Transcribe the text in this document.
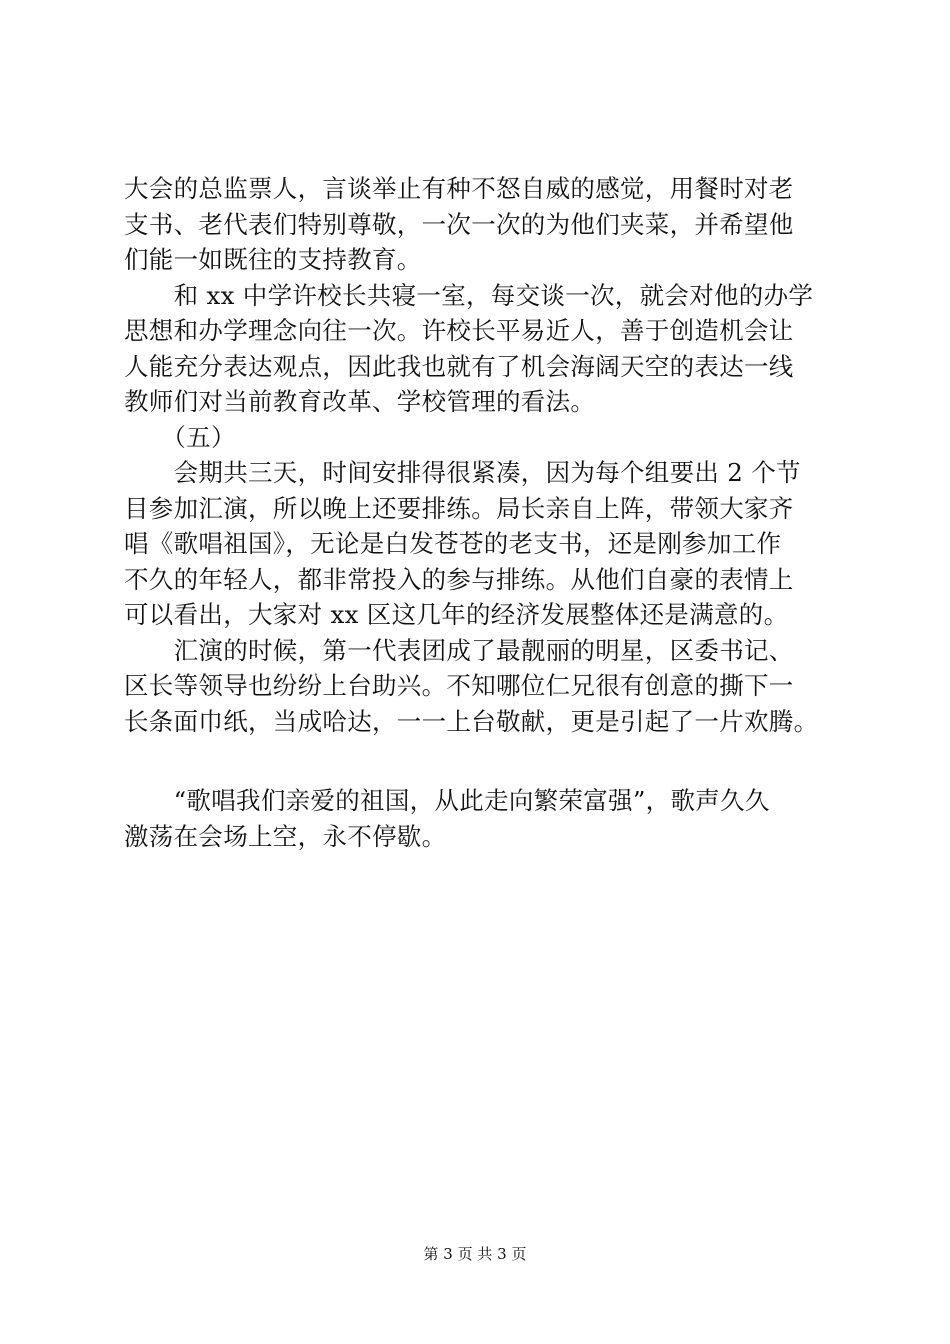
大会的总监票人，言谈举止有种不怒自威的感觉，用餐时对老
支书、老代表们特别尊敬，一次一次的为他们夹菜，并希望他
们能一如既往的支持教育。
　　和 xx 中学许校长共寝一室，每交谈一次，就会对他的办学
思想和办学理念向往一次。许校长平易近人，善于创造机会让
人能充分表达观点，因此我也就有了机会海阔天空的表达一线
教师们对当前教育改革、学校管理的看法。
　　（五）
　　会期共三天，时间安排得很紧凑，因为每个组要出 2 个节
目参加汇演，所以晚上还要排练。局长亲自上阵，带领大家齐
唱《歌唱祖国》，无论是白发苍苍的老支书，还是刚参加工作
不久的年轻人，都非常投入的参与排练。从他们自豪的表情上
可以看出，大家对 xx 区这几年的经济发展整体还是满意的。
　　汇演的时候，第一代表团成了最靓丽的明星，区委书记、
区长等领导也纷纷上台助兴。不知哪位仁兄很有创意的撕下一
长条面巾纸，当成哈达，一一上台敬献，更是引起了一片欢腾。
　　“歌唱我们亲爱的祖国，从此走向繁荣富强”，歌声久久
激荡在会场上空，永不停歇。
第 3 页 共 3 页
